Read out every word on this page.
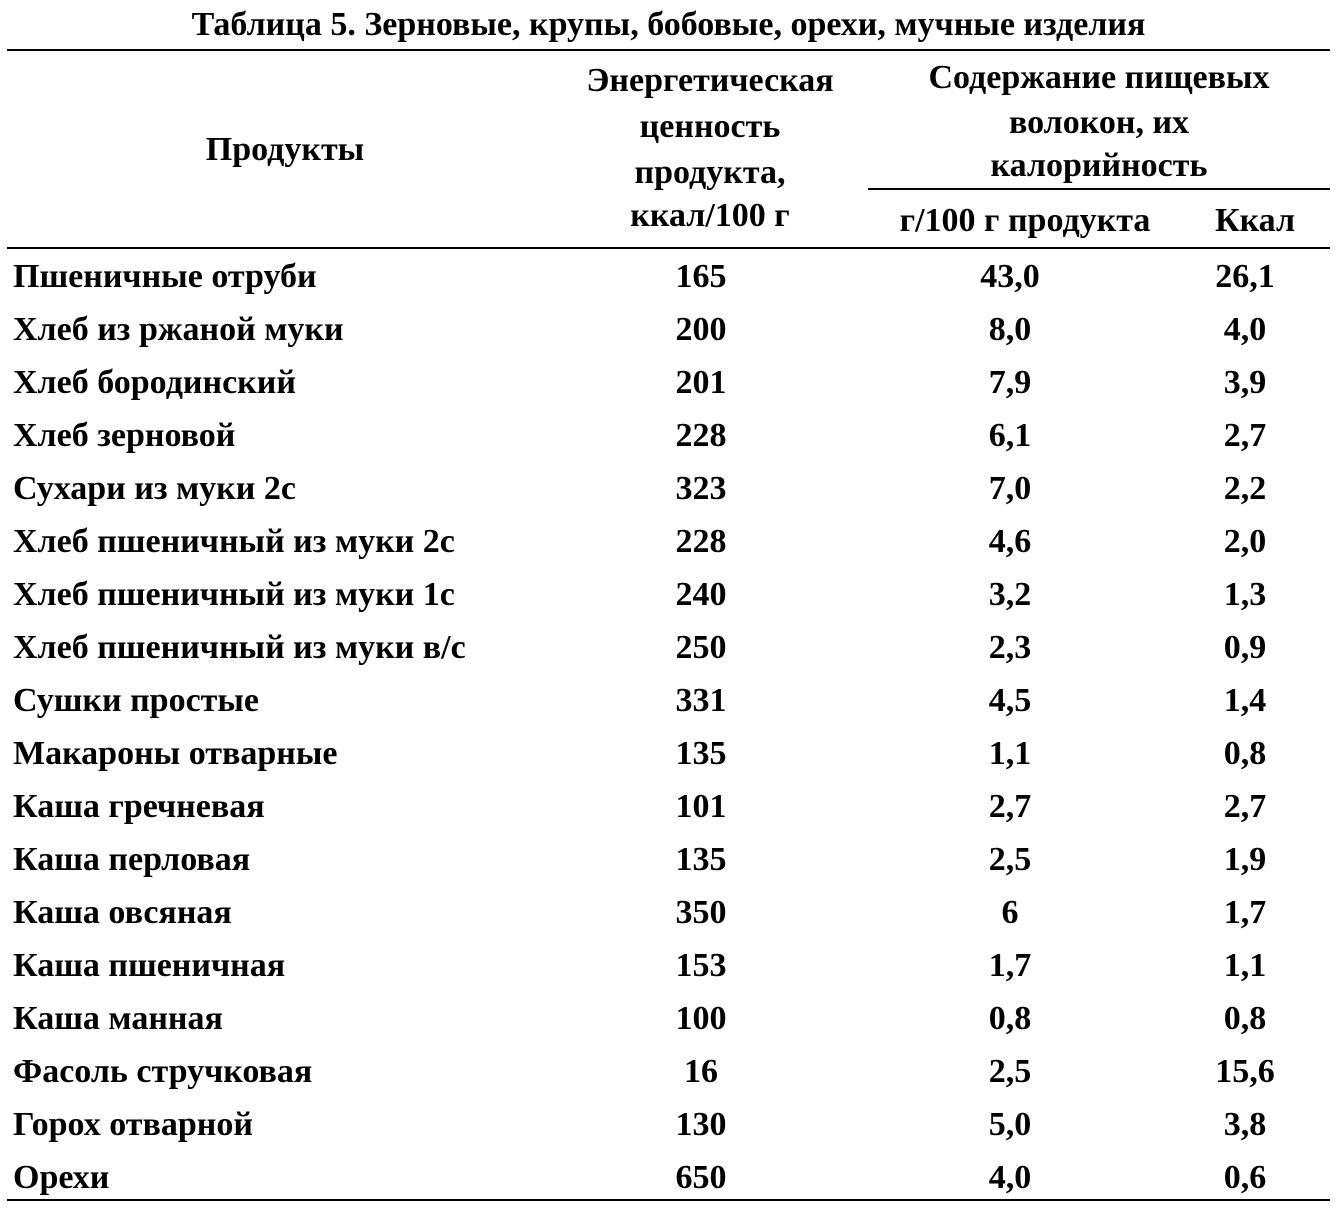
Таблица 5. Зерновые, крупы, бобовые, орехи, мучные изделия
Продукты
Энергетическая
ценность
продукта,
ккал/100 г
Содержание пищевых
волокон, их
калорийность
г/100 г продукта	Ккал
Пшеничные отруби	165	43,0	26,1
Хлеб из ржаной муки	200	8,0	4,0
Хлеб бородинский	201	7,9	3,9
Хлеб зерновой	228	6,1	2,7
Сухари из муки 2с	323	7,0	2,2
Хлеб пшеничный из муки 2с	228	4,6	2,0
Хлеб пшеничный из муки 1с	240	3,2	1,3
Хлеб пшеничный из муки в/с	250	2,3	0,9
Сушки простые	331	4,5	1,4
Макароны отварные	135	1,1	0,8
Каша гречневая	101	2,7	2,7
Каша перловая	135	2,5	1,9
Каша овсяная	350	6	1,7
Каша пшеничная	153	1,7	1,1
Каша манная	100	0,8	0,8
Фасоль стручковая	16	2,5	15,6
Горох отварной	130	5,0	3,8
Орехи	650	4,0	0,6
